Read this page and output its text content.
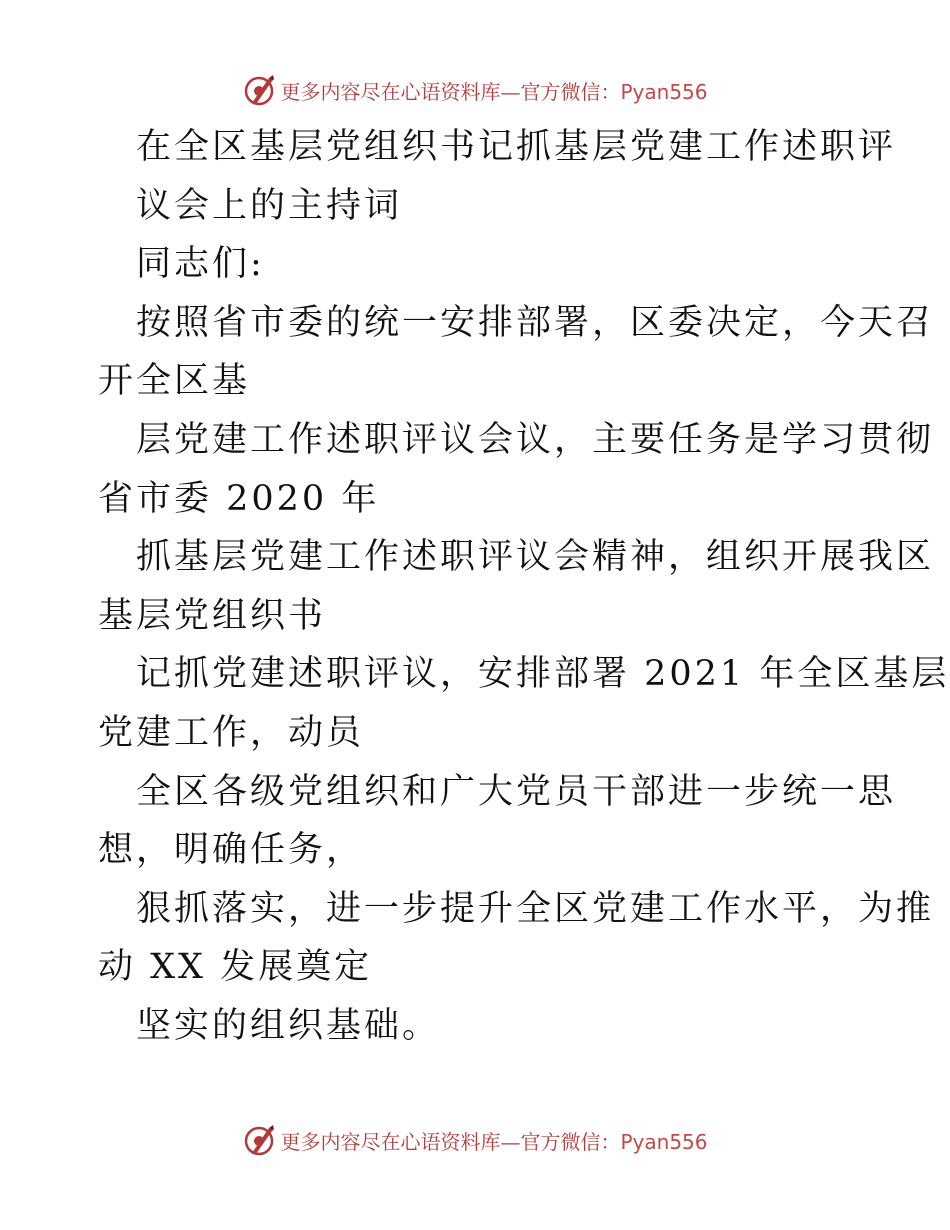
更多内容尽在心语资料库—官方微信：Pyan556
在全区基层党组织书记抓基层党建工作述职评
议会上的主持词
同志们:
按照省市委的统一安排部署，区委决定，今天召
开全区基
层党建工作述职评议会议，主要任务是学习贯彻
省市委 2020 年
抓基层党建工作述职评议会精神，组织开展我区
基层党组织书
记抓党建述职评议，安排部署 2021 年全区基层
党建工作，动员
全区各级党组织和广大党员干部进一步统一思
想，明确任务，
狠抓落实，进一步提升全区党建工作水平，为推
动 XX 发展奠定
坚实的组织基础。
更多内容尽在心语资料库—官方微信：Pyan556
